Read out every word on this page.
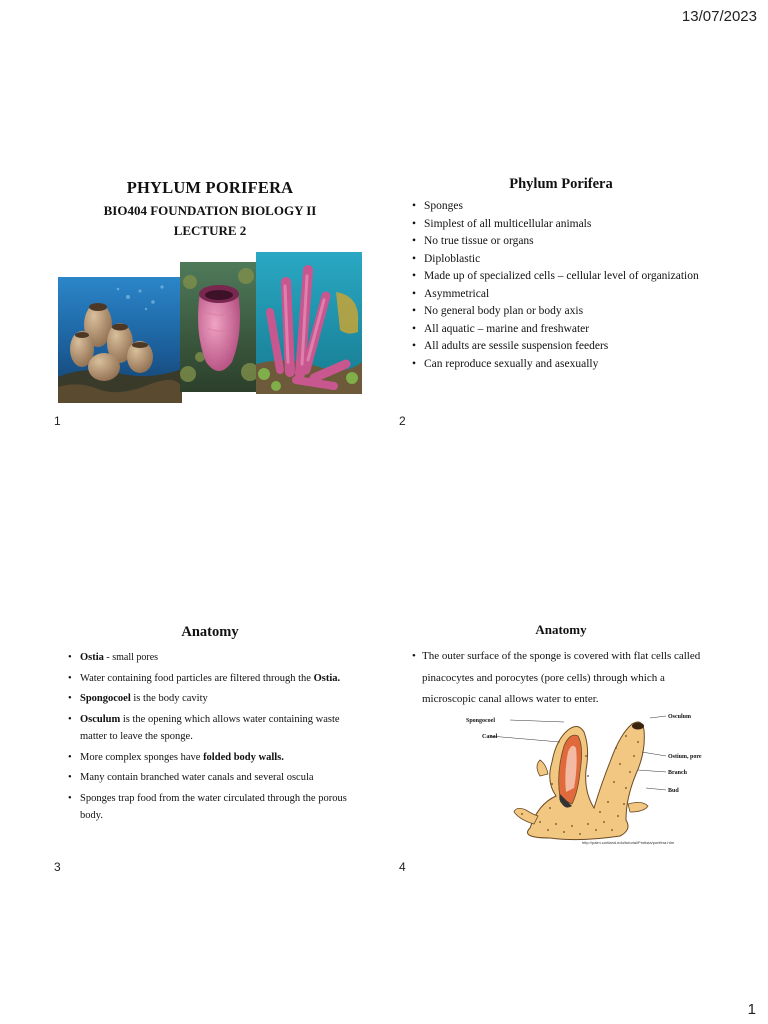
13/07/2023
PHYLUM PORIFERA
BIO404 FOUNDATION BIOLOGY II
LECTURE 2
1
Phylum Porifera
• Sponges
• Simplest of all multicellular animals
• No true tissue or organs
• Diploblastic
• Made up of specialized cells – cellular level of organization
• Asymmetrical
• No general body plan or body axis
• All aquatic – marine and freshwater
• All adults are sessile suspension feeders
• Can reproduce sexually and asexually
2
Anatomy
• Ostia - small pores
• Water containing food particles are filtered through the Ostia.
• Spongocoel is the body cavity
• Osculum is the opening which allows water containing waste matter to leave the sponge.
• More complex sponges have folded body walls.
• Many contain branched water canals and several oscula
• Sponges trap food from the water circulated through the porous body.
3
Anatomy
• The outer surface of the sponge is covered with flat cells called pinacocytes and porocytes (pore cells) through which a microscopic canal allows water to enter.
Spongocoel
Canal
Osculum
Ostium, pore
Branch
Bud
http://palm.cortland.edu/tutorial/Protista/porifera.htm
4
1
